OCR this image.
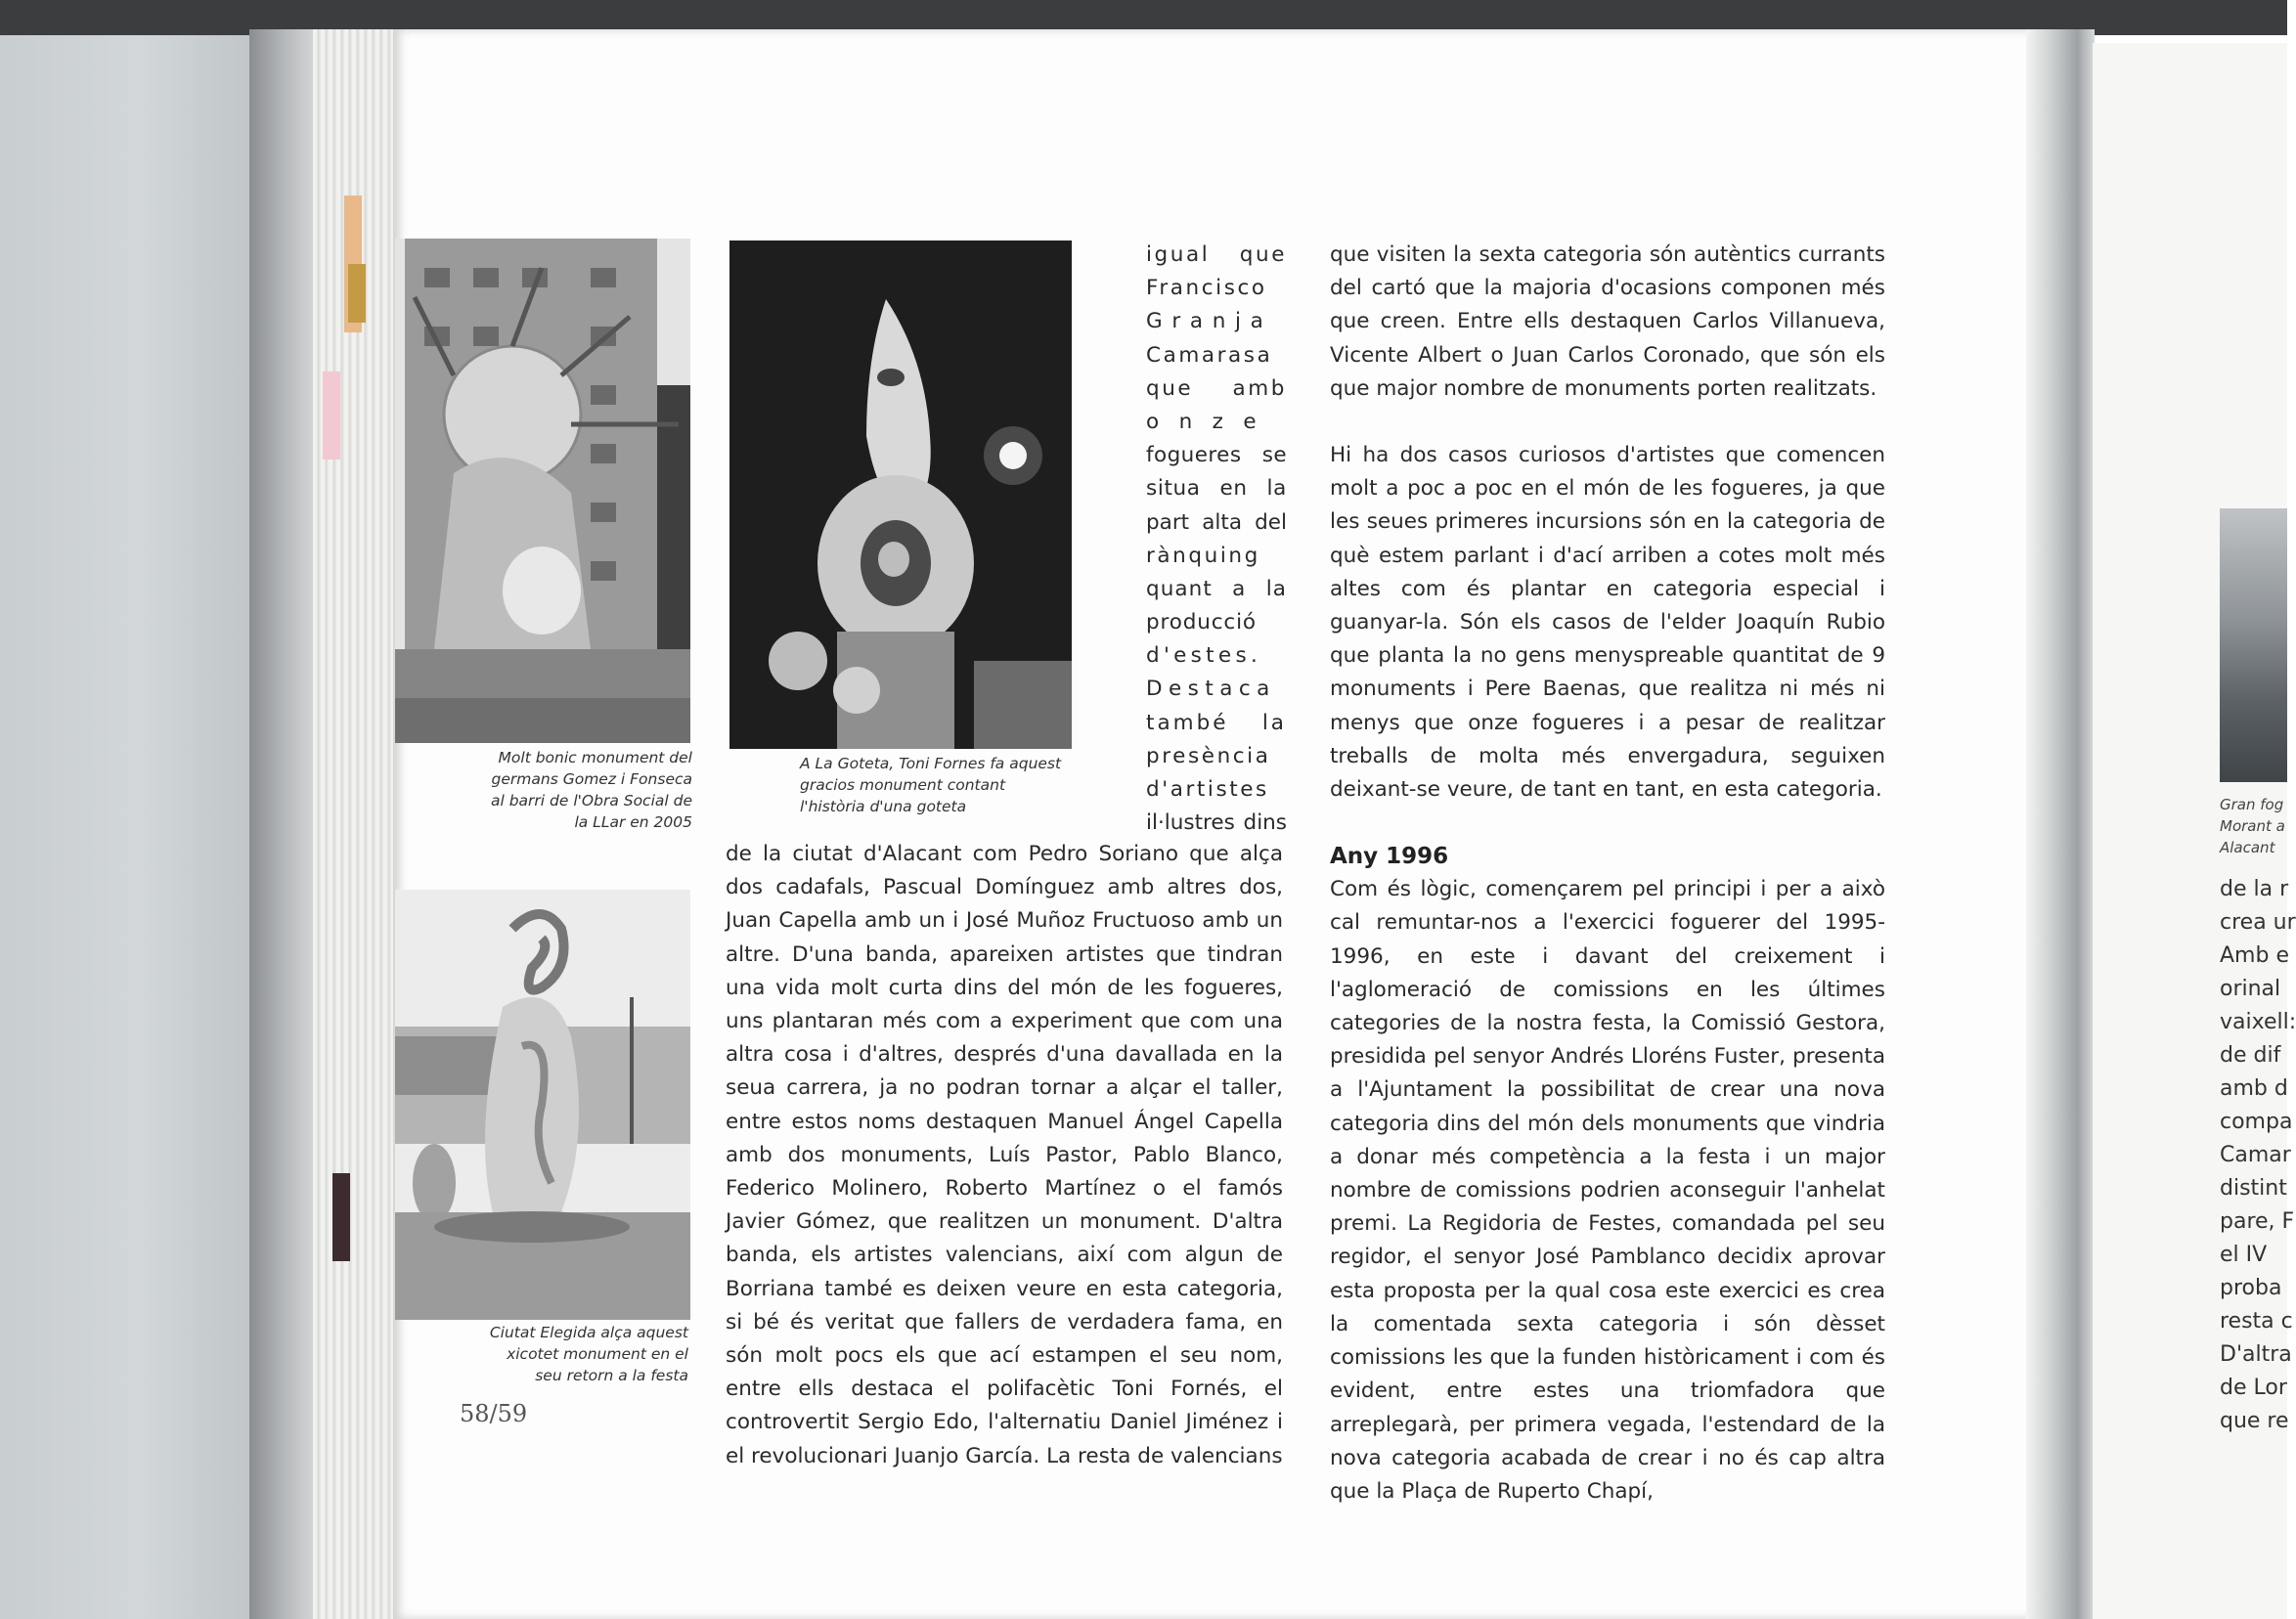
Molt bonic monument del germans Gomez i Fonseca al barri de l'Obra Social de la LLar en 2005
A La Goteta, Toni Fornes fa aquest gracios monument contant l'història d'una goteta
Ciutat Elegida alça aquest xicotet monument en el seu retorn a la festa
58/59
igual que
Francisco
Granja
Camarasa
que amb
onze
fogueres se
situa en la
part alta del
rànquing
quant a la
producció
d'estes.
Destaca
també la
presència
d'artistes
il·lustres dins

de la ciutat d'Alacant com Pedro Soriano que alça dos cadafals, Pascual Domínguez amb altres dos, Juan Capella amb un i José Muñoz Fructuoso amb un altre. D'una banda, apareixen artistes que tindran una vida molt curta dins del món de les fogueres, uns plantaran més com a experiment que com una altra cosa i d'altres, després d'una davallada en la seua carrera, ja no podran tornar a alçar el taller, entre estos noms destaquen Manuel Ángel Capella amb dos monuments, Luís Pastor, Pablo Blanco, Federico Molinero, Roberto Martínez o el famós Javier Gómez, que realitzen un monument. D'altra banda, els artistes valencians, així com algun de Borriana també es deixen veure en esta categoria, si bé és veritat que fallers de verdadera fama, en són molt pocs els que ací estampen el seu nom, entre ells destaca el polifacètic Toni Fornés, el controvertit Sergio Edo, l'alternatiu Daniel Jiménez i el revolucionari Juanjo García. La resta de valencians

que visiten la sexta categoria són autèntics currants del cartó que la majoria d'ocasions componen més que creen. Entre ells destaquen Carlos Villanueva, Vicente Albert o Juan Carlos Coronado, que són els que major nombre de monuments porten realitzats.

Hi ha dos casos curiosos d'artistes que comencen molt a poc a poc en el món de les fogueres, ja que les seues primeres incursions són en la categoria de què estem parlant i d'ací arriben a cotes molt més altes com és plantar en categoria especial i guanyar-la. Són els casos de l'elder Joaquín Rubio que planta la no gens menyspreable quantitat de 9 monuments i Pere Baenas, que realitza ni més ni menys que onze fogueres i a pesar de realitzar treballs de molta més envergadura, seguixen deixant-se veure, de tant en tant, en esta categoria.

Any 1996

Com és lògic, començarem pel principi i per a això cal remuntar-nos a l'exercici foguerer del 1995-1996, en este i davant del creixement i l'aglomeració de comissions en les últimes categories de la nostra festa, la Comissió Gestora, presidida pel senyor Andrés Lloréns Fuster, presenta a l'Ajuntament la possibilitat de crear una nova categoria dins del món dels monuments que vindria a donar més competència a la festa i un major nombre de comissions podrien aconseguir l'anhelat premi. La Regidoria de Festes, comandada pel seu regidor, el senyor José Pamblanco decidix aprovar esta proposta per la qual cosa este exercici es crea la comentada sexta categoria i són dèsset comissions les que la funden històricament i com és evident, entre estes una triomfadora que arreplegarà, per primera vegada, l'estendard de la nova categoria acabada de crear i no és cap altra que la Plaça de Ruperto Chapí,

Gran fog
Morant a
Alacant
de la r
crea ur
Amb e
orinal
vaixell:
de dif
amb d
compa
Camar
distint
pare, F
el IV
proba
resta c
D'altra
de Lor
que re
